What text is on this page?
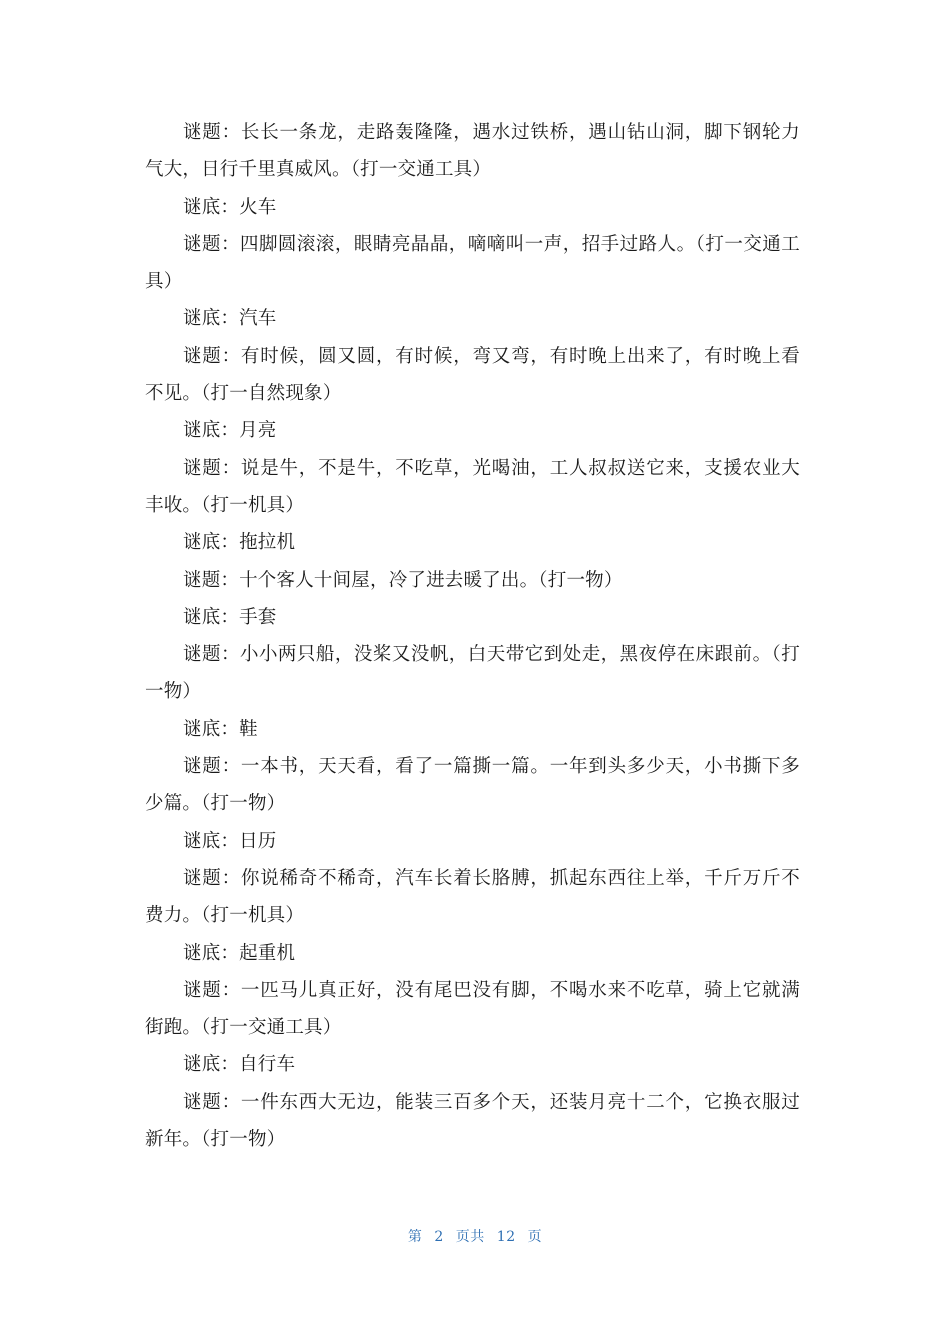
谜题：长长一条龙，走路轰隆隆，遇水过铁桥，遇山钻山洞，脚下钢轮力气大，日行千里真威风。（打一交通工具）

谜底：火车

谜题：四脚圆滚滚，眼睛亮晶晶，嘀嘀叫一声，招手过路人。（打一交通工具）

谜底：汽车

谜题：有时候，圆又圆，有时候，弯又弯，有时晚上出来了，有时晚上看不见。（打一自然现象）

谜底：月亮

谜题：说是牛，不是牛，不吃草，光喝油，工人叔叔送它来，支援农业大丰收。（打一机具）

谜底：拖拉机

谜题：十个客人十间屋，冷了进去暖了出。（打一物）

谜底：手套

谜题：小小两只船，没桨又没帆，白天带它到处走，黑夜停在床跟前。（打一物）

谜底：鞋

谜题：一本书，天天看，看了一篇撕一篇。一年到头多少天，小书撕下多少篇。（打一物）

谜底：日历

谜题：你说稀奇不稀奇，汽车长着长胳膊，抓起东西往上举，千斤万斤不费力。（打一机具）

谜底：起重机

谜题：一匹马儿真正好，没有尾巴没有脚，不喝水来不吃草，骑上它就满街跑。（打一交通工具）

谜底：自行车

谜题：一件东西大无边，能装三百多个天，还装月亮十二个，它换衣服过新年。（打一物）

第 2 页共 12 页
